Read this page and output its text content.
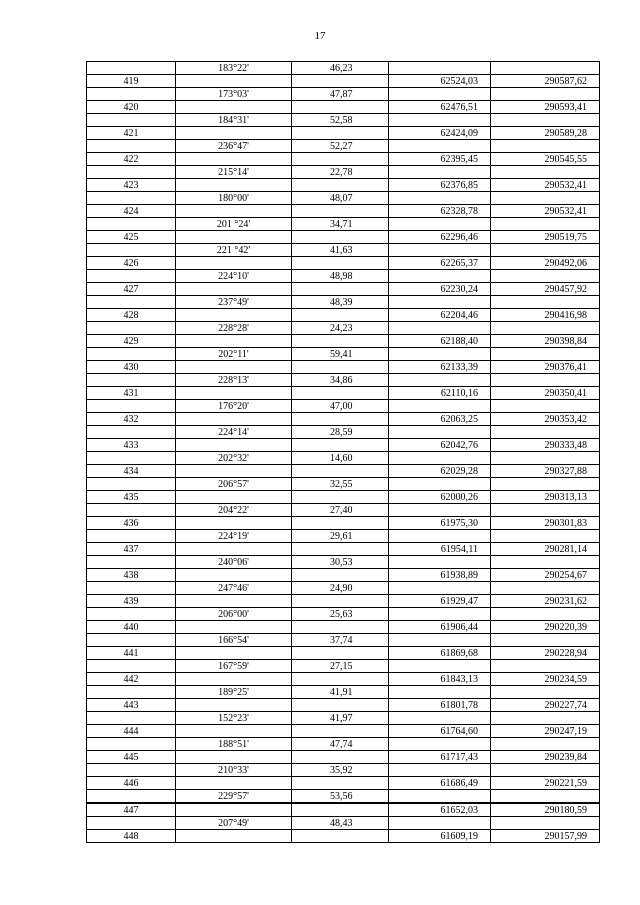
17
	183°22'	46,23		
419			62524,03	290587,62
	173°03'	47,87		
420			62476,51	290593,41
	184°31'	52,58		
421			62424,09	290589,28
	236°47'	52,27		
422			62395,45	290545,55
	215°14'	22,78		
423			62376,85	290532,41
	180°00'	48,07		
424			62328,78	290532,41
	201 °24'	34,71		
425			62296,46	290519,75
	221 °42'	41,63		
426			62265,37	290492,06
	224°10'	48,98		
427			62230,24	290457,92
	237°49'	48,39		
428			62204,46	290416,98
	228°28'	24,23		
429			62188,40	290398,84
	202°11'	59,41		
430			62133,39	290376,41
	228°13'	34,86		
431			62110,16	290350,41
	176°20'	47,00		
432			62063,25	290353,42
	224°14'	28,59		
433			62042,76	290333,48
	202°32'	14,60		
434			62029,28	290327,88
	206°57'	32,55		
435			62000,26	290313,13
	204°22'	27,40		
436			61975,30	290301,83
	224°19'	29,61		
437			61954,11	290281,14
	240°06'	30,53		
438			61938,89	290254,67
	247°46'	24,90		
439			61929,47	290231,62
	206°00'	25,63		
440			61906,44	290220,39
	166°54'	37,74		
441			61869,68	290228,94
	167°59'	27,15		
442			61843,13	290234,59
	189°25'	41,91		
443			61801,78	290227,74
	152°23'	41,97		
444			61764,60	290247,19
	188°51'	47,74		
445			61717,43	290239,84
	210°33'	35,92		
446			61686,49	290221,59
	229°57'	53,56		
447			61652,03	290180,59
	207°49'	48,43		
448			61609,19	290157,99
